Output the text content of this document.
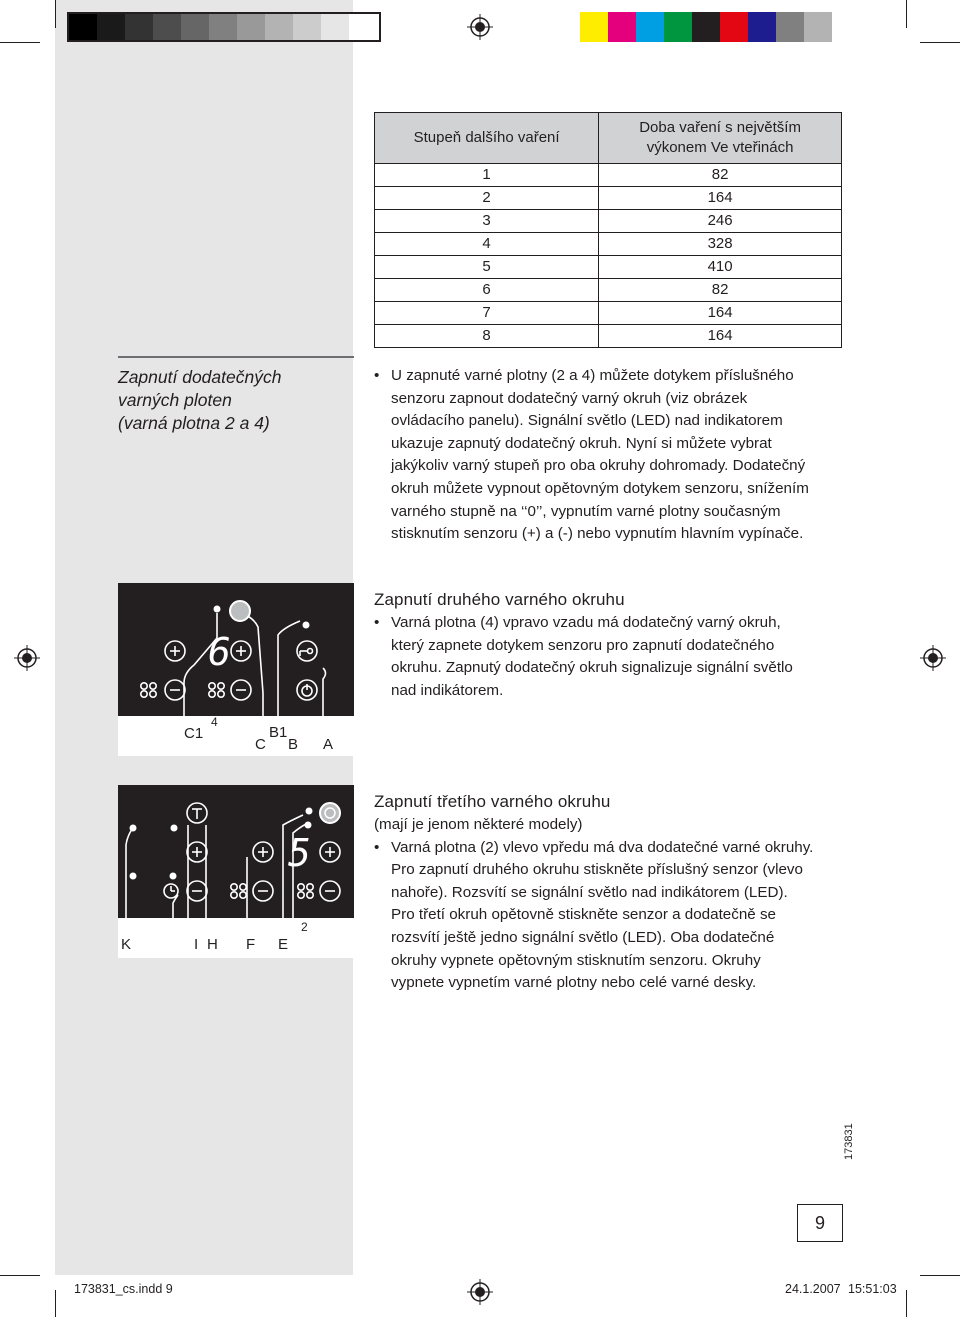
Stupeň dalšího vaření	Doba vaření s největším
výkonem Ve vteřinách

1	82
2	164
3	246
4	328
5	410
6	82
7	164
8	164
Zapnutí dodatečných
varných ploten
(varná plotna 2 a 4)
• U zapnuté varné plotny (2 a 4) můžete dotykem příslušného
senzoru zapnout dodatečný varný okruh (viz obrázek
ovládacího panelu). Signální světlo (LED) nad indikatorem
ukazuje zapnutý dodatečný okruh. Nyní si můžete vybrat
jakýkoliv varný stupeň pro oba okruhy dohromady. Dodatečný
okruh můžete vypnout opětovným dotykem senzoru, snížením
varného stupně na ‘‘0’’, vypnutím varné plotny současným
stisknutím senzoru (+) a (-) nebo vypnutím hlavním vypínače.
6
C1
4
C
B1
B A
Zapnutí druhého varného okruhu
• Varná plotna (4) vpravo vzadu má dodatečný varný okruh,
který zapnete dotykem senzoru pro zapnutí dodatečného
okruhu. Zapnutý dodatečný okruh signalizuje signální světlo
nad indikátorem.
5
K	I H F E
2
Zapnutí třetího varného okruhu
(mají je jenom některé modely)
• Varná plotna (2) vlevo vpředu má dva dodatečné varné okruhy.
Pro zapnutí druhého okruhu stiskněte příslušný senzor (vlevo
nahoře). Rozsvítí se signální světlo nad indikátorem (LED).
Pro třetí okruh opětovně stiskněte senzor a dodatečně se
rozsvítí ještě jedno signální světlo (LED). Oba dodatečné
okruhy vypnete opětovným stisknutím senzoru. Okruhy
vypnete vypnetím varné plotny nebo celé varné desky.
173831
9
173831_cs.indd 9	24.1.2007 15:51:03
